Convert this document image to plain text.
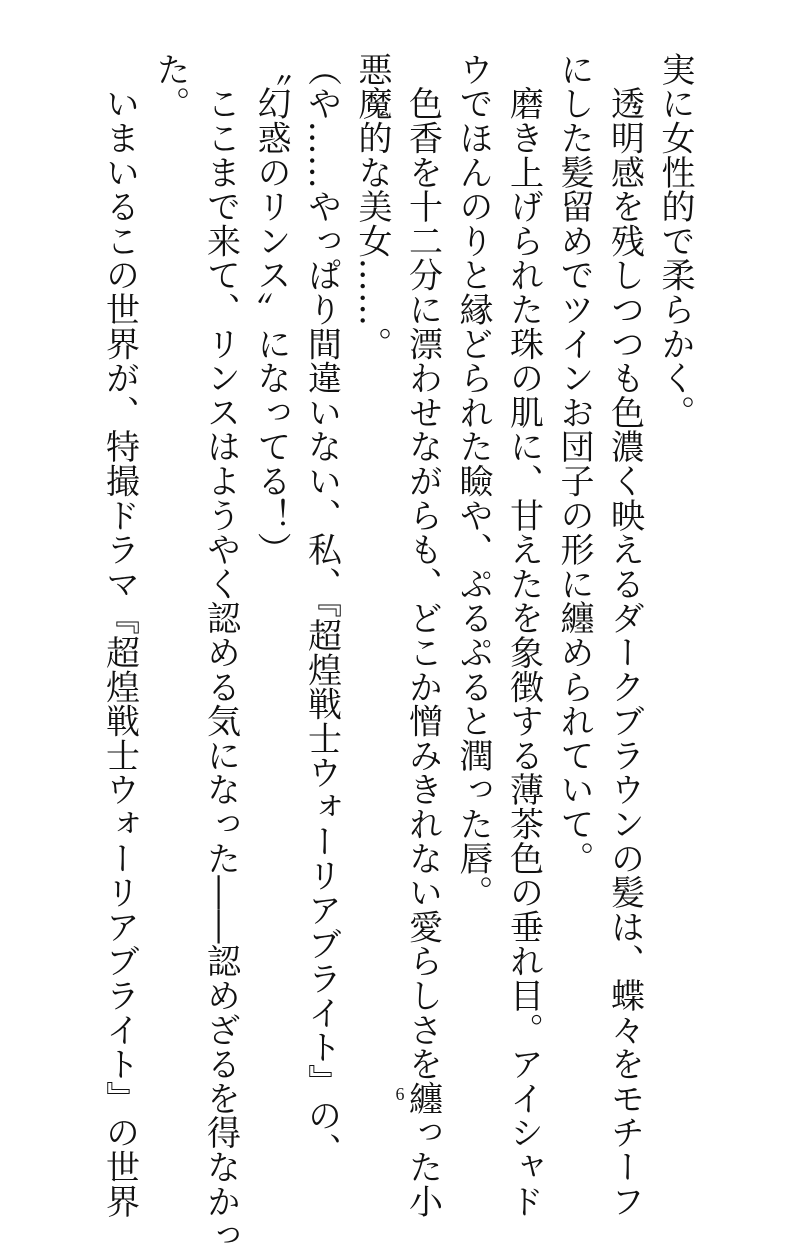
実に女性的で柔らかく。
　透明感を残しつつも色濃く映えるダークブラウンの髪は、蝶々をモチーフ
にした髪留めでツインお団子の形に纏められていて。
　磨き上げられた珠の肌に、甘えたを象徴する薄茶色の垂れ目。アイシャド
ウでほんのりと縁どられた瞼や、ぷるぷると潤った唇。
　色香を十二分に漂わせながらも、どこか憎みきれない愛らしさを纏った小
悪魔的な美女……。
（や……やっぱり間違いない、私、『超煌戦士ウォーリアブライト』の、
〝幻惑のリンス〟になってる！）
　ここまで来て、リンスはようやく認める気になった――認めざるを得なかっ
た。
　いまいるこの世界が、特撮ドラマ『超煌戦士ウォーリアブライト』の世界	6
